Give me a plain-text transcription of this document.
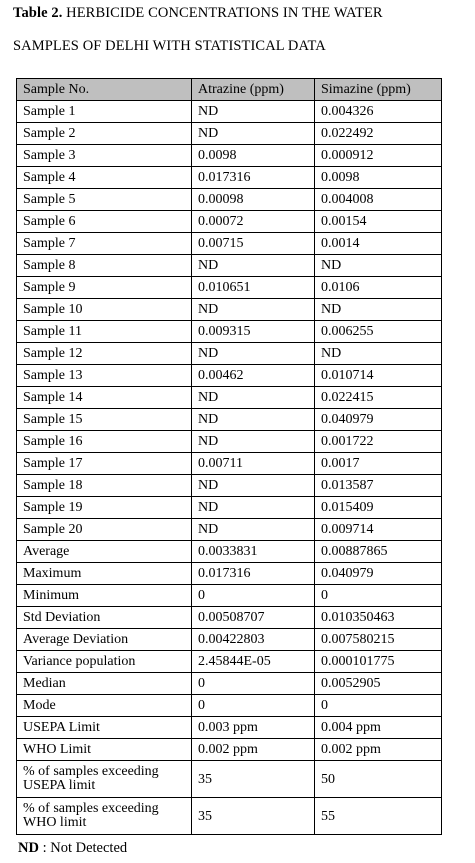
Table 2. HERBICIDE CONCENTRATIONS IN THE WATER
SAMPLES OF DELHI WITH STATISTICAL DATA
Sample No.	Atrazine (ppm)	Simazine (ppm)
Sample 1	ND	0.004326
Sample 2	ND	0.022492
Sample 3	0.0098	0.000912
Sample 4	0.017316	0.0098
Sample 5	0.00098	0.004008
Sample 6	0.00072	0.00154
Sample 7	0.00715	0.0014
Sample 8	ND	ND
Sample 9	0.010651	0.0106
Sample 10	ND	ND
Sample 11	0.009315	0.006255
Sample 12	ND	ND
Sample 13	0.00462	0.010714
Sample 14	ND	0.022415
Sample 15	ND	0.040979
Sample 16	ND	0.001722
Sample 17	0.00711	0.0017
Sample 18	ND	0.013587
Sample 19	ND	0.015409
Sample 20	ND	0.009714
Average	0.0033831	0.00887865
Maximum	0.017316	0.040979
Minimum	0	0
Std Deviation	0.00508707	0.010350463
Average Deviation	0.00422803	0.007580215
Variance population	2.45844E-05	0.000101775
Median	0	0.0052905
Mode	0	0
USEPA Limit	0.003 ppm	0.004 ppm
WHO Limit	0.002 ppm	0.002 ppm
% of samples exceeding USEPA limit	35	50
% of samples exceeding WHO limit	35	55
ND : Not Detected
